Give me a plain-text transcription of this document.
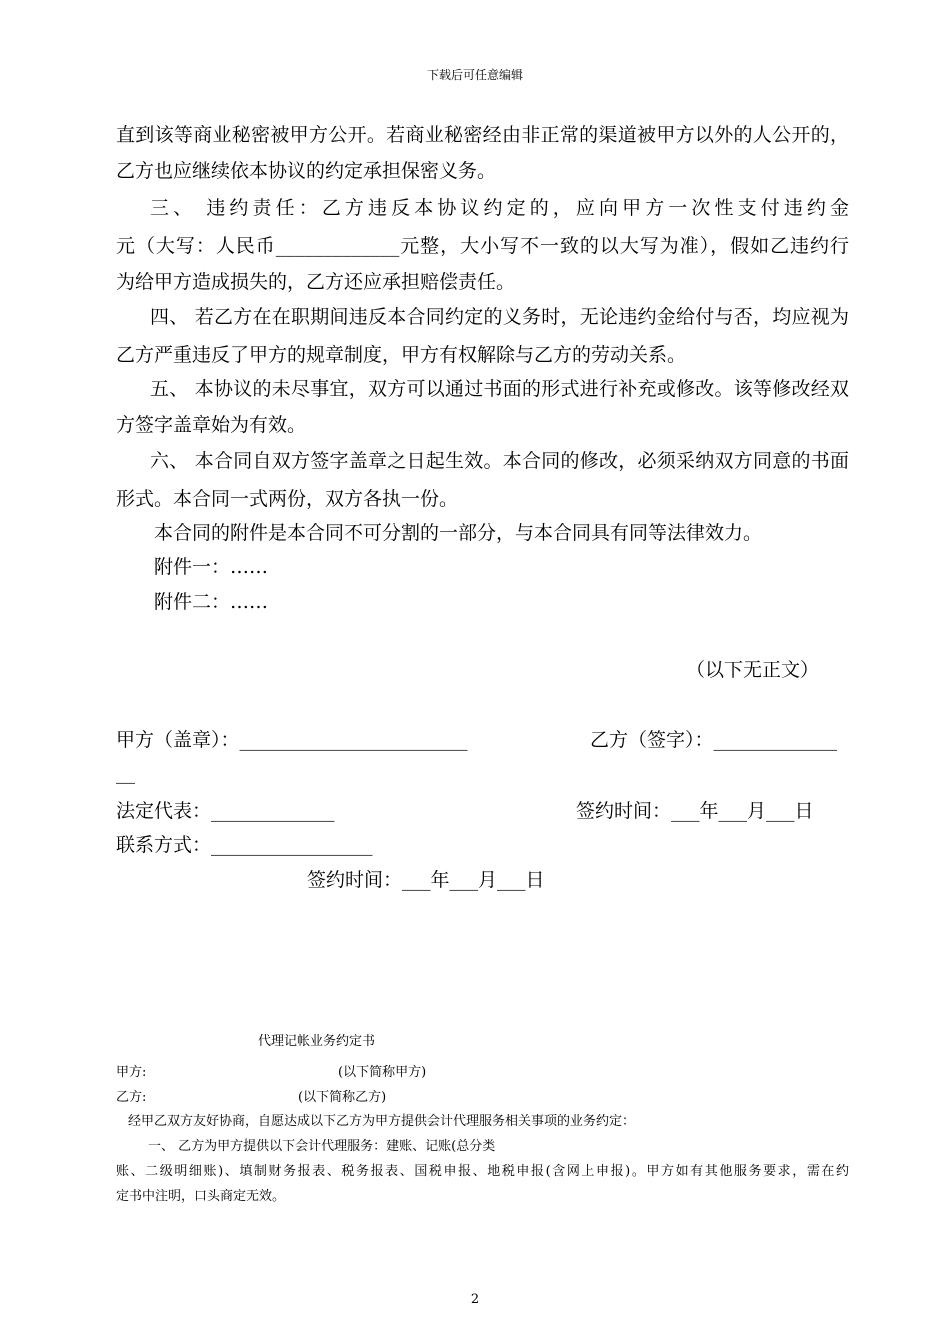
下载后可任意编辑
直到该等商业秘密被甲方公开。若商业秘密经由非正常的渠道被甲方以外的人公开的，
乙方也应继续依本协议的约定承担保密义务。
三、 违约责任：乙方违反本协议约定的，应向甲方一次性支付违约金
元（大写：人民币_____________元整，大小写不一致的以大写为准），假如乙违约行
为给甲方造成损失的，乙方还应承担赔偿责任。
四、 若乙方在在职期间违反本合同约定的义务时，无论违约金给付与否，均应视为
乙方严重违反了甲方的规章制度，甲方有权解除与乙方的劳动关系。
五、 本协议的未尽事宜，双方可以通过书面的形式进行补充或修改。该等修改经双
方签字盖章始为有效。
六、 本合同自双方签字盖章之日起生效。本合同的修改，必须采纳双方同意的书面
形式。本合同一式两份，双方各执一份。
本合同的附件是本合同不可分割的一部分，与本合同具有同等法律效力。
附件一：……
附件二：……
（以下无正文）
甲方（盖章）：________________________	乙方（签字）：_____________
__
法定代表：_____________	签约时间：___年___月___日
联系方式：_________________
签约时间：___年___月___日
代理记帐业务约定书
甲方:	(以下简称甲方)
乙方:	(以下简称乙方)
经甲乙双方友好协商，自愿达成以下乙方为甲方提供会计代理服务相关事项的业务约定：
一、 乙方为甲方提供以下会计代理服务：建账、记账(总分类
账、二级明细账)、填制财务报表、税务报表、国税申报、地税申报(含网上申报)。甲方如有其他服务要求，需在约
定书中注明，口头商定无效。
2
